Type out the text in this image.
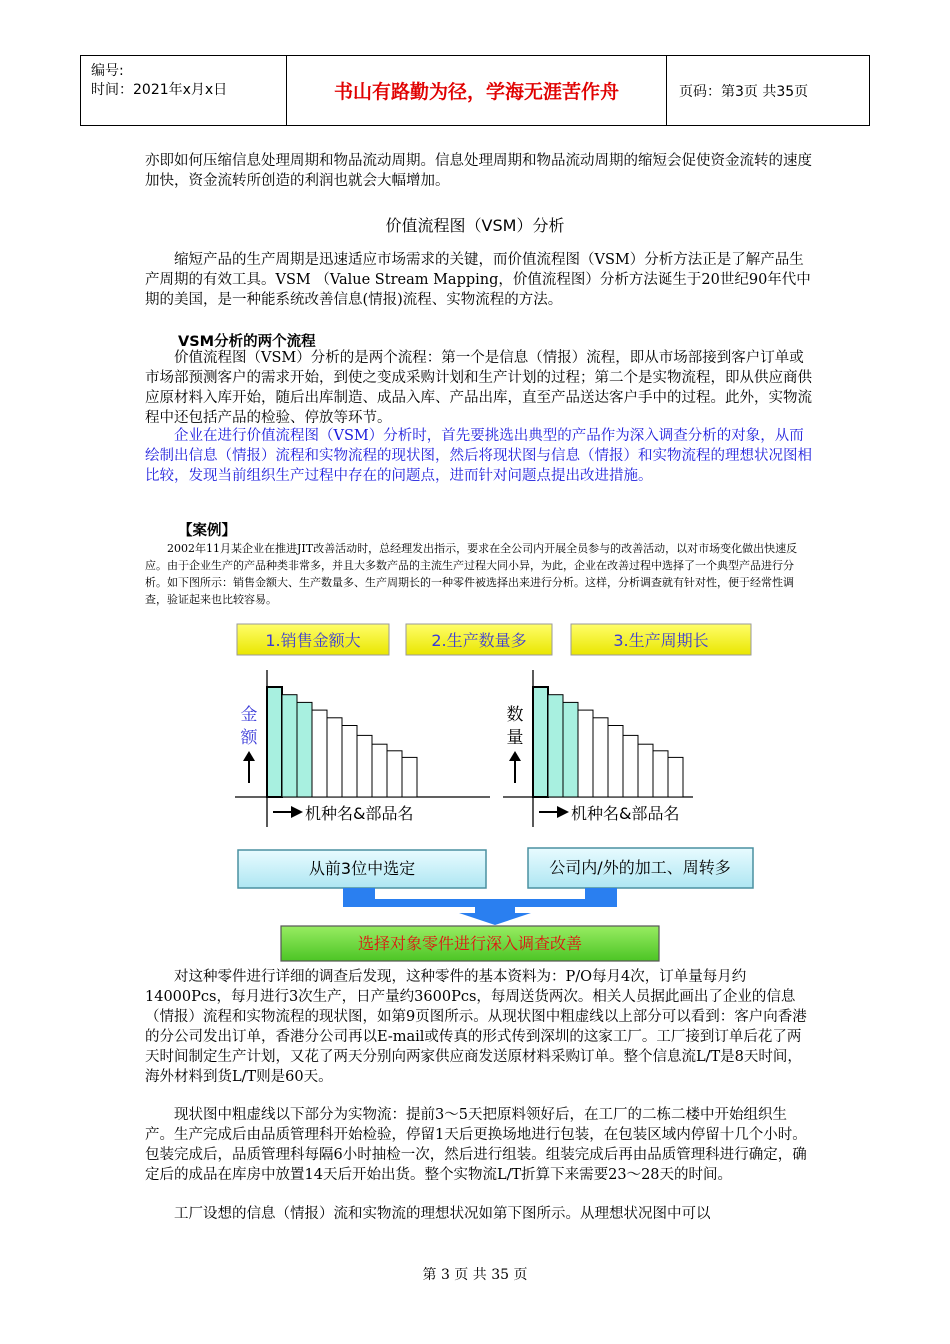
编号:
时间：2021年x月x日	书山有路勤为径，学海无涯苦作舟	页码：第3页 共35页

亦即如何压缩信息处理周期和物品流动周期。信息处理周期和物品流动周期的缩短会促使资金流转的速度加快，资金流转所创造的利润也就会大幅增加。

价值流程图（VSM）分析

　　缩短产品的生产周期是迅速适应市场需求的关键，而价值流程图（VSM）分析方法正是了解产品生产周期的有效工具。VSM （Value Stream Mapping，价值流程图）分析方法诞生于20世纪90年代中期的美国，是一种能系统改善信息(情报)流程、实物流程的方法。

VSM分析的两个流程

　　价值流程图（VSM）分析的是两个流程：第一个是信息（情报）流程，即从市场部接到客户订单或市场部预测客户的需求开始，到使之变成采购计划和生产计划的过程；第二个是实物流程，即从供应商供应原材料入库开始，随后出库制造、成品入库、产品出库，直至产品送达客户手中的过程。此外，实物流程中还包括产品的检验、停放等环节。

　　企业在进行价值流程图（VSM）分析时，首先要挑选出典型的产品作为深入调查分析的对象，从而绘制出信息（情报）流程和实物流程的现状图，然后将现状图与信息（情报）和实物流程的理想状况图相比较，发现当前组织生产过程中存在的问题点，进而针对问题点提出改进措施。

【案例】

　　2002年11月某企业在推进JIT改善活动时，总经理发出指示，要求在全公司内开展全员参与的改善活动，以对市场变化做出快速反应。由于企业生产的产品种类非常多，并且大多数产品的主流生产过程大同小异，为此，企业在改善过程中选择了一个典型产品进行分析。如下图所示：销售金额大、生产数量多、生产周期长的一种零件被选择出来进行分析。这样，分析调查就有针对性，便于经常性调查，验证起来也比较容易。

1.销售金额大	2.生产数量多	3.生产周期长
金
额
机种名&部品名
数
量
机种名&部品名
从前3位中选定	公司内/外的加工、周转多
选择对象零件进行深入调查改善

　　对这种零件进行详细的调查后发现，这种零件的基本资料为：P/O每月4次，订单量每月约14000Pcs，每月进行3次生产，日产量约3600Pcs，每周送货两次。相关人员据此画出了企业的信息（情报）流程和实物流程的现状图，如第9页图所示。从现状图中粗虚线以上部分可以看到：客户向香港的分公司发出订单，香港分公司再以E-mail或传真的形式传到深圳的这家工厂。工厂接到订单后花了两天时间制定生产计划，又花了两天分别向两家供应商发送原材料采购订单。整个信息流L/T是8天时间，海外材料到货L/T则是60天。

　　现状图中粗虚线以下部分为实物流：提前3～5天把原料领好后，在工厂的二栋二楼中开始组织生产。生产完成后由品质管理科开始检验，停留1天后更换场地进行包装，在包装区域内停留十几个小时。包装完成后，品质管理科每隔6小时抽检一次，然后进行组装。组装完成后再由品质管理科进行确定，确定后的成品在库房中放置14天后开始出货。整个实物流L/T折算下来需要23～28天的时间。

　　工厂设想的信息（情报）流和实物流的理想状况如第下图所示。从理想状况图中可以

第 3 页 共 35 页
